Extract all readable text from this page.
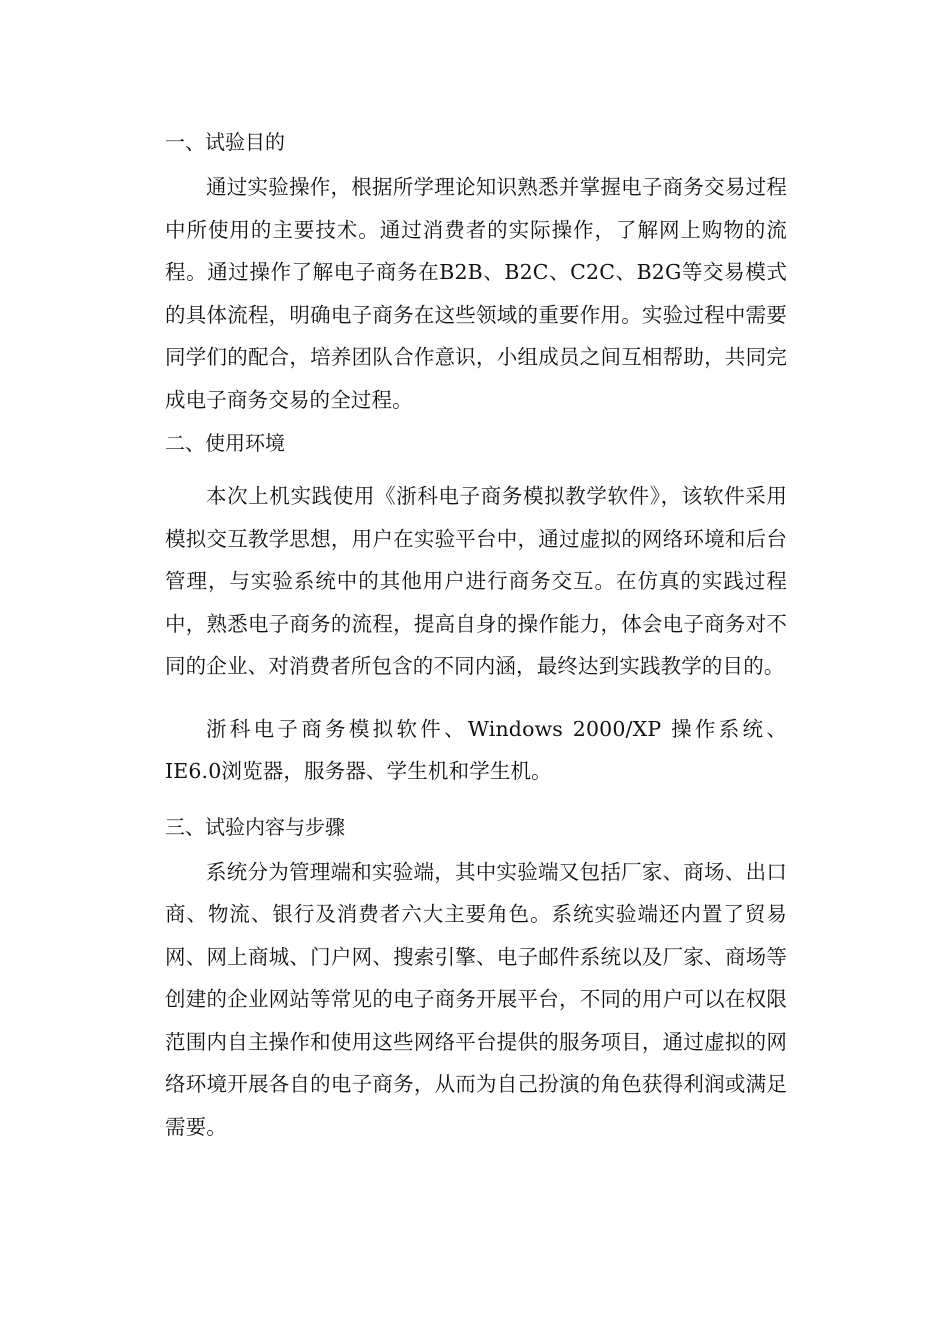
一、试验目的

通过实验操作，根据所学理论知识熟悉并掌握电子商务交易过程中所使用的主要技术。通过消费者的实际操作，了解网上购物的流程。通过操作了解电子商务在B2B、B2C、C2C、B2G等交易模式的具体流程，明确电子商务在这些领域的重要作用。实验过程中需要同学们的配合，培养团队合作意识，小组成员之间互相帮助，共同完成电子商务交易的全过程。

二、使用环境

本次上机实践使用《浙科电子商务模拟教学软件》，该软件采用模拟交互教学思想，用户在实验平台中，通过虚拟的网络环境和后台管理，与实验系统中的其他用户进行商务交互。在仿真的实践过程中，熟悉电子商务的流程，提高自身的操作能力，体会电子商务对不同的企业、对消费者所包含的不同内涵，最终达到实践教学的目的。

浙科电子商务模拟软件、Windows 2000/XP 操作系统、IE6.0浏览器，服务器、学生机和学生机。

三、试验内容与步骤

系统分为管理端和实验端，其中实验端又包括厂家、商场、出口商、物流、银行及消费者六大主要角色。系统实验端还内置了贸易网、网上商城、门户网、搜索引擎、电子邮件系统以及厂家、商场等创建的企业网站等常见的电子商务开展平台，不同的用户可以在权限范围内自主操作和使用这些网络平台提供的服务项目，通过虚拟的网络环境开展各自的电子商务，从而为自己扮演的角色获得利润或满足需要。
